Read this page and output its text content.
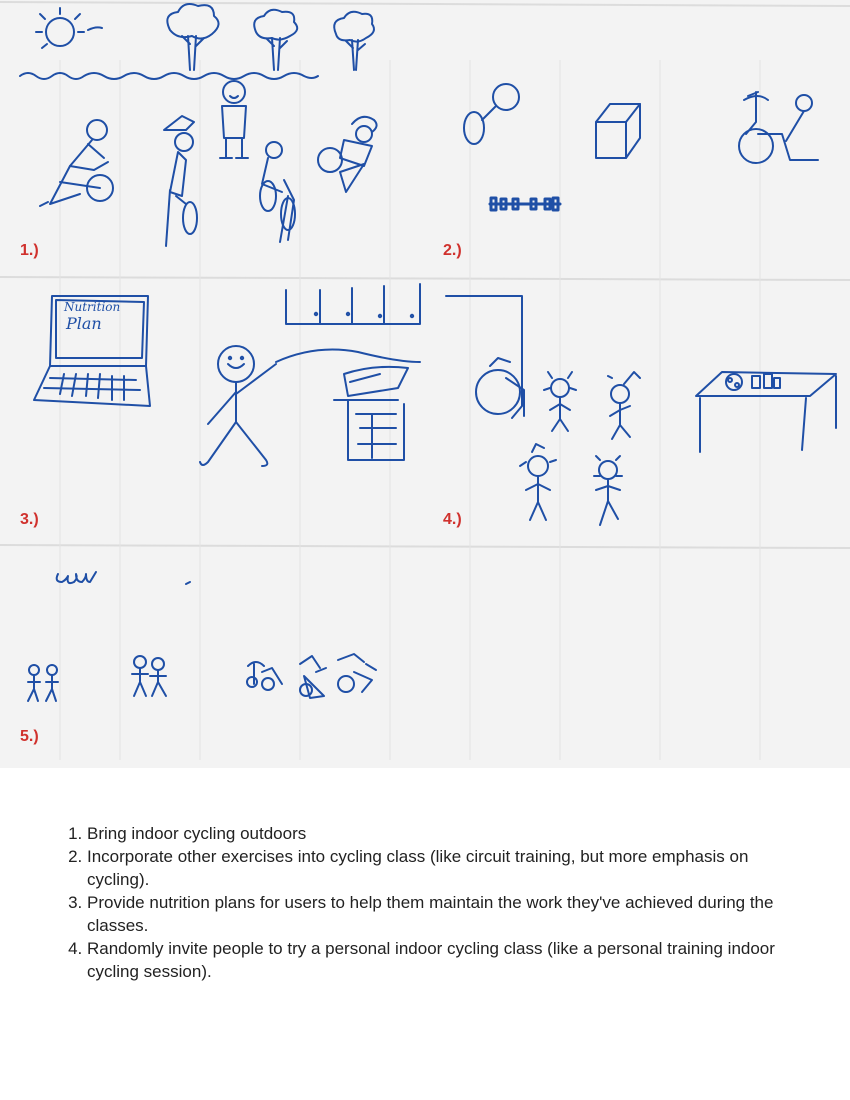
Nutrition
Plan
1.)	2.)
3.)	4.)
5.)
1. Bring indoor cycling outdoors
2. Incorporate other exercises into cycling class (like circuit training, but more emphasis on cycling).
3. Provide nutrition plans for users to help them maintain the work they've achieved during the classes.
4. Randomly invite people to try a personal indoor cycling class (like a personal training indoor cycling session).
